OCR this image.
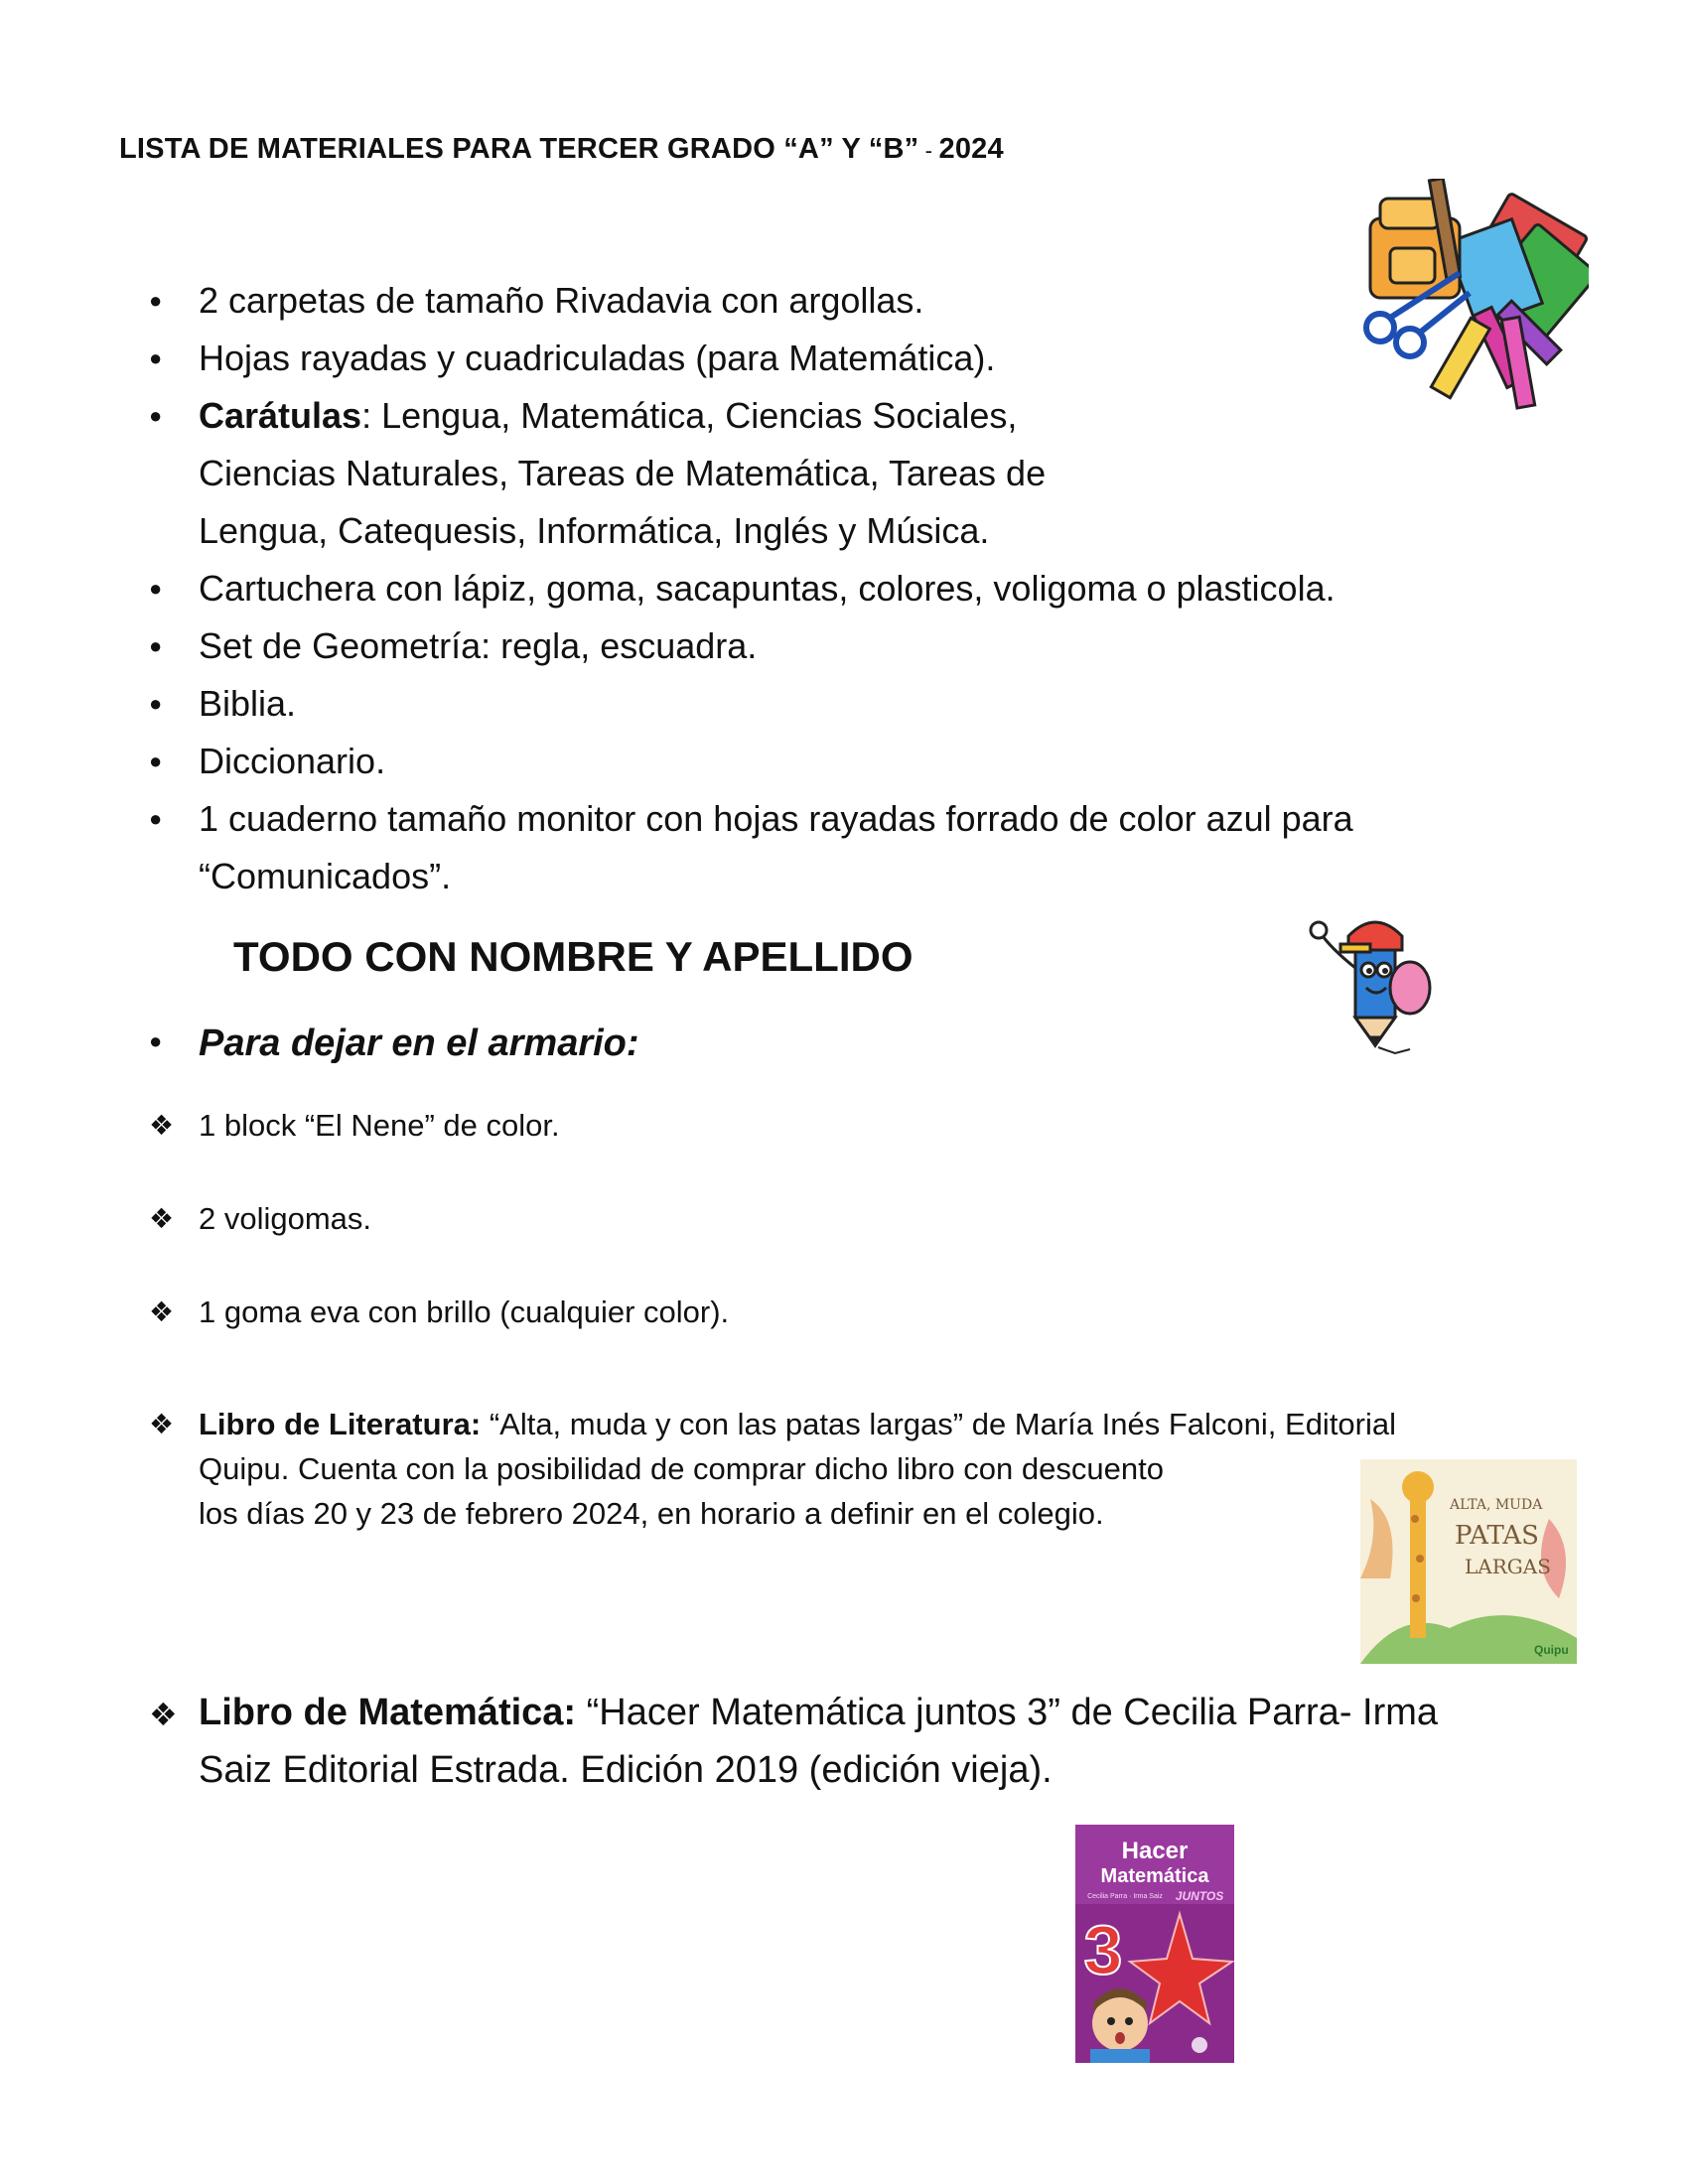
LISTA DE MATERIALES PARA TERCER GRADO “A” Y “B” - 2024
● 2 carpetas de tamaño Rivadavia con argollas.
● Hojas rayadas y cuadriculadas (para Matemática).
● Carátulas: Lengua, Matemática, Ciencias Sociales,
Ciencias Naturales, Tareas de Matemática, Tareas de
Lengua, Catequesis, Informática, Inglés y Música.
● Cartuchera con lápiz, goma, sacapuntas, colores, voligoma o plasticola.
● Set de Geometría: regla, escuadra.
● Biblia.
● Diccionario.
● 1 cuaderno tamaño monitor con hojas rayadas forrado de color azul para
“Comunicados”.
TODO CON NOMBRE Y APELLIDO
● Para dejar en el armario:
❖ 1 block “El Nene” de color.
❖ 2 voligomas.
❖ 1 goma eva con brillo (cualquier color).
❖ Libro de Literatura: “Alta, muda y con las patas largas” de María Inés Falconi, Editorial
Quipu. Cuenta con la posibilidad de comprar dicho libro con descuento
los días 20 y 23 de febrero 2024, en horario a definir en el colegio.	ALTA, MUDA
PATAS
LARGAS
Quipu
❖ Libro de Matemática: “Hacer Matemática juntos 3” de Cecilia Parra- Irma
Saiz Editorial Estrada. Edición 2019 (edición vieja).
Hacer
Matemática
Cecilia Parra · Irma Saiz JUNTOS
3
